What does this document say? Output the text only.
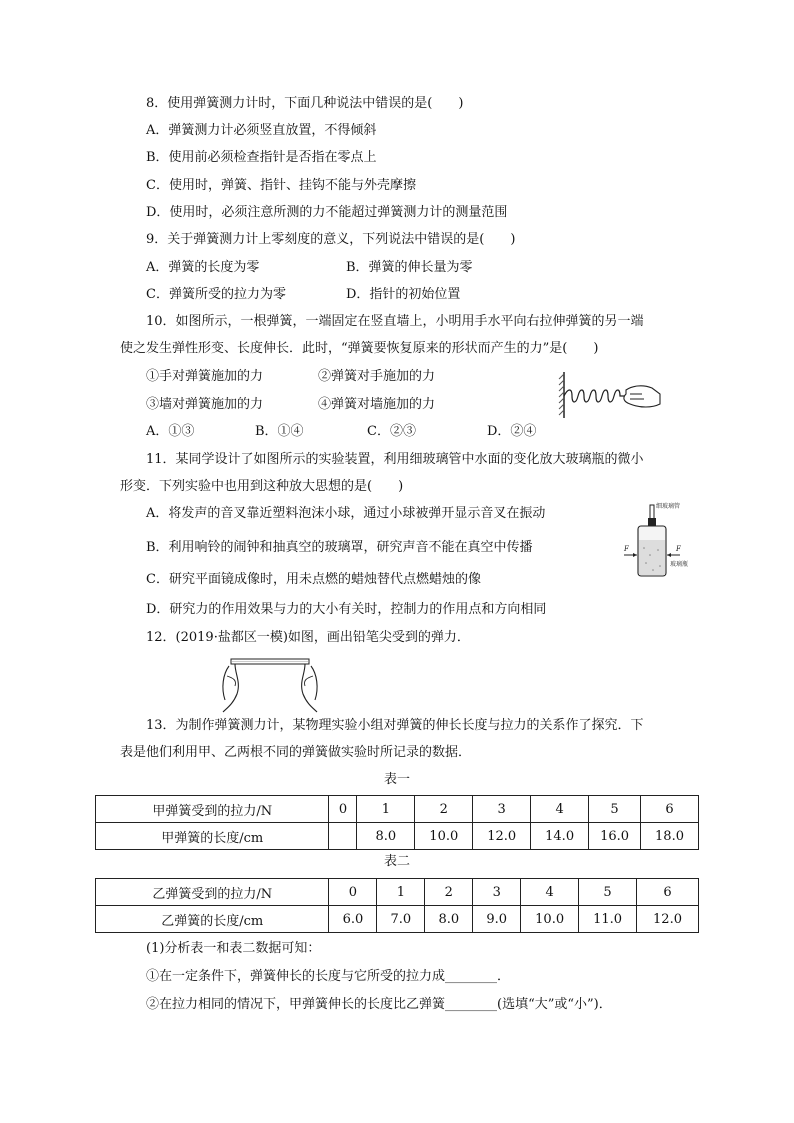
8．使用弹簧测力计时，下面几种说法中错误的是(　　)
A．弹簧测力计必须竖直放置，不得倾斜
B．使用前必须检查指针是否指在零点上
C．使用时，弹簧、指针、挂钩不能与外壳摩擦
D．使用时，必须注意所测的力不能超过弹簧测力计的测量范围
9．关于弹簧测力计上零刻度的意义，下列说法中错误的是(　　)
A．弹簧的长度为零	B．弹簧的伸长量为零
C．弹簧所受的拉力为零	D．指针的初始位置
10．如图所示，一根弹簧，一端固定在竖直墙上，小明用手水平向右拉伸弹簧的另一端
使之发生弹性形变、长度伸长．此时，“弹簧要恢复原来的形状而产生的力”是(　　)
①手对弹簧施加的力	②弹簧对手施加的力
③墙对弹簧施加的力	④弹簧对墙施加的力
A．①③	B．①④	C．②③	D．②④
11．某同学设计了如图所示的实验装置，利用细玻璃管中水面的变化放大玻璃瓶的微小
形变．下列实验中也用到这种放大思想的是(　　)
A．将发声的音叉靠近塑料泡沫小球，通过小球被弹开显示音叉在振动
B．利用响铃的闹钟和抽真空的玻璃罩，研究声音不能在真空中传播
C．研究平面镜成像时，用未点燃的蜡烛替代点燃蜡烛的像
D．研究力的作用效果与力的大小有关时，控制力的作用点和方向相同
细玻璃管
玻璃瓶
F	F
12．(2019·盐都区一模)如图，画出铅笔尖受到的弹力．
13．为制作弹簧测力计，某物理实验小组对弹簧的伸长长度与拉力的关系作了探究．下
表是他们利用甲、乙两根不同的弹簧做实验时所记录的数据．
表一
甲弹簧受到的拉力/N	0	1	2	3	4	5	6
甲弹簧的长度/cm		8.0	10.0	12.0	14.0	16.0	18.0
表二
乙弹簧受到的拉力/N	0	1	2	3	4	5	6
乙弹簧的长度/cm	6.0	7.0	8.0	9.0	10.0	11.0	12.0
(1)分析表一和表二数据可知：
①在一定条件下，弹簧伸长的长度与它所受的拉力成________．
②在拉力相同的情况下，甲弹簧伸长的长度比乙弹簧________(选填“大”或“小”)．
